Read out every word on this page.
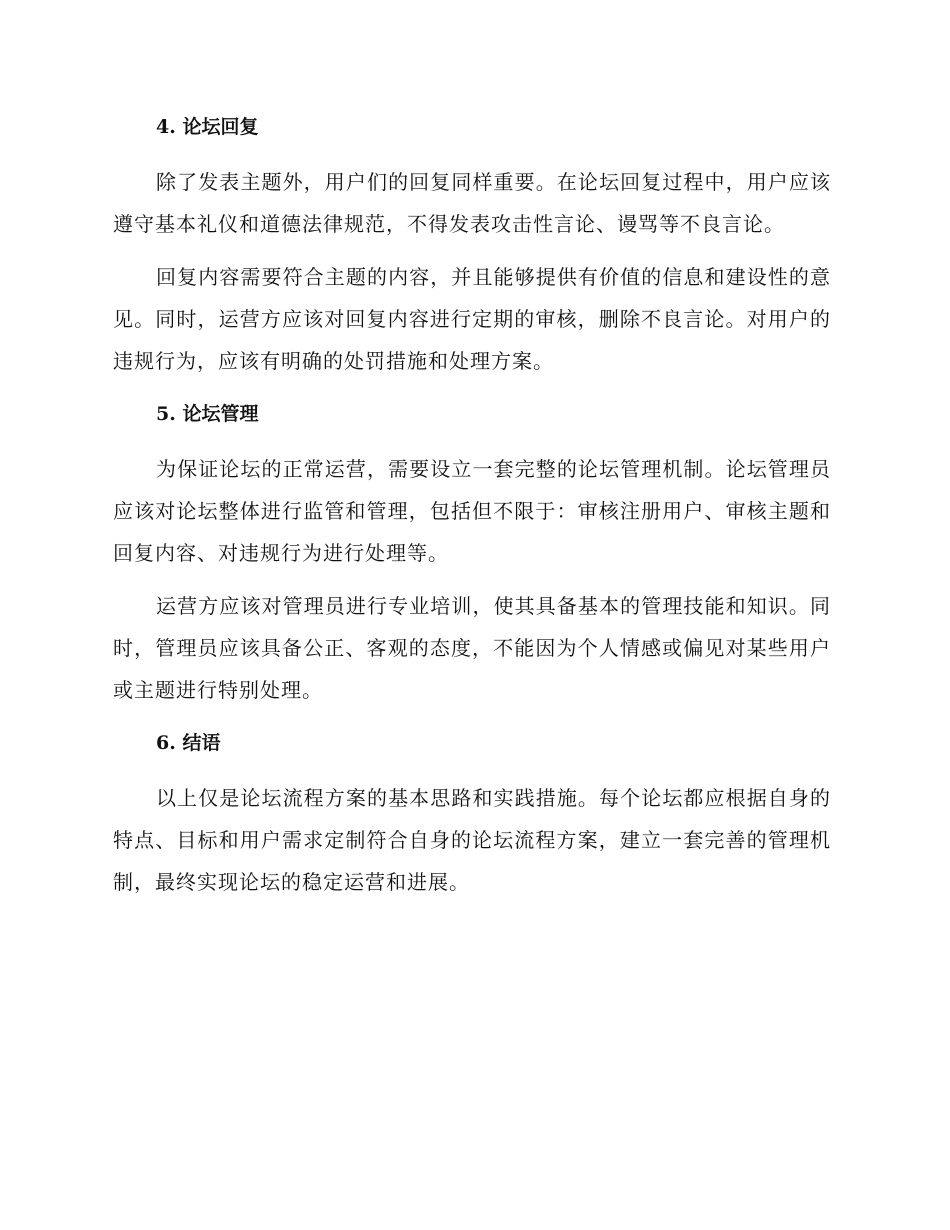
4. 论坛回复

除了发表主题外，用户们的回复同样重要。在论坛回复过程中，用户应该遵守基本礼仪和道德法律规范，不得发表攻击性言论、谩骂等不良言论。

回复内容需要符合主题的内容，并且能够提供有价值的信息和建设性的意见。同时，运营方应该对回复内容进行定期的审核，删除不良言论。对用户的违规行为，应该有明确的处罚措施和处理方案。

5. 论坛管理

为保证论坛的正常运营，需要设立一套完整的论坛管理机制。论坛管理员应该对论坛整体进行监管和管理，包括但不限于：审核注册用户、审核主题和回复内容、对违规行为进行处理等。

运营方应该对管理员进行专业培训，使其具备基本的管理技能和知识。同时，管理员应该具备公正、客观的态度，不能因为个人情感或偏见对某些用户或主题进行特别处理。

6. 结语

以上仅是论坛流程方案的基本思路和实践措施。每个论坛都应根据自身的特点、目标和用户需求定制符合自身的论坛流程方案，建立一套完善的管理机制，最终实现论坛的稳定运营和进展。
